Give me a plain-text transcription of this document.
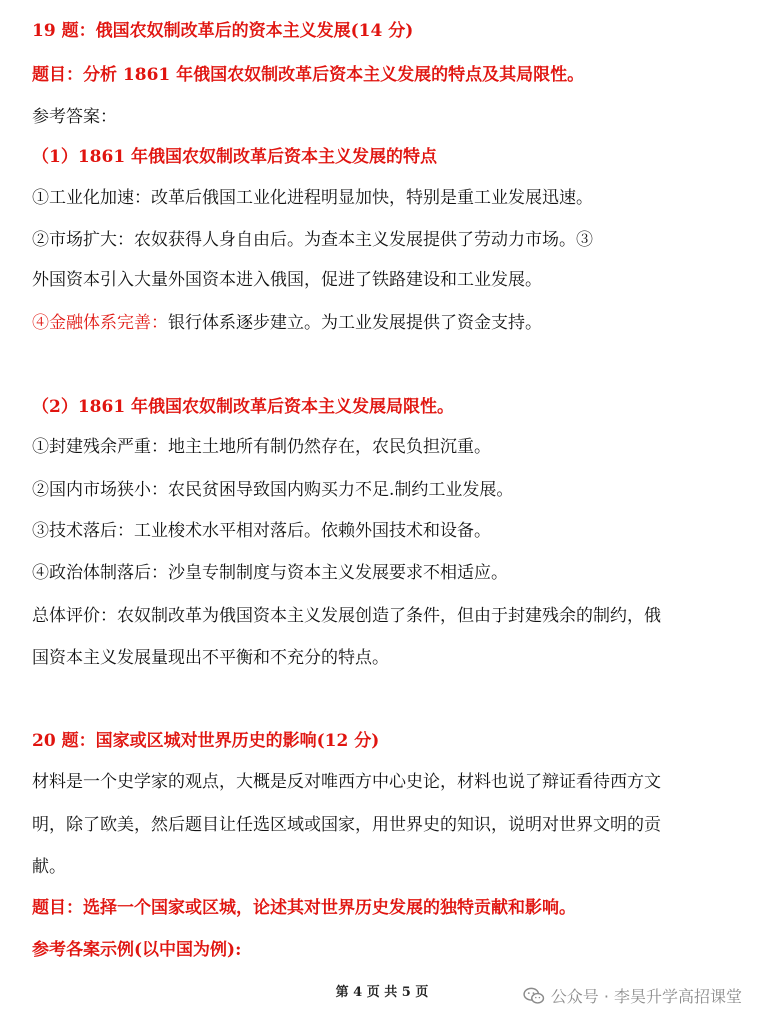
19 题：俄国农奴制改革后的资本主义发展(14 分)
题目：分析 1861 年俄国农奴制改革后资本主义发展的特点及其局限性。
参考答案：
（1）1861 年俄国农奴制改革后资本主义发展的特点
①工业化加速：改革后俄国工业化进程明显加快，特别是重工业发展迅速。
②市场扩大：农奴获得人身自由后。为查本主义发展提供了劳动力市场。③
外国资本引入大量外国资本进入俄国，促进了铁路建设和工业发展。
④金融体系完善：银行体系逐步建立。为工业发展提供了资金支持。
（2）1861 年俄国农奴制改革后资本主义发展局限性。
①封建残余严重：地主土地所有制仍然存在，农民负担沉重。
②国内市场狭小：农民贫困导致国内购买力不足.制约工业发展。
③技术落后：工业梭术水平相对落后。依赖外国技术和设备。
④政治体制落后：沙皇专制制度与资本主义发展要求不相适应。
总体评价：农奴制改革为俄国资本主义发展创造了条件，但由于封建残余的制约，俄
国资本主义发展量现出不平衡和不充分的特点。
20 题：国家或区城对世界历史的影响(12 分)
材料是一个史学家的观点，大概是反对唯西方中心史论，材料也说了辩证看待西方文
明，除了欧美，然后题目让任选区域或国家，用世界史的知识，说明对世界文明的贡
献。
题目：选择一个国家或区城，论述其对世界历史发展的独特贡献和影响。
参考各案示例(以中国为例):
第 4 页 共 5 页	公众号 · 李昊升学高招课堂
